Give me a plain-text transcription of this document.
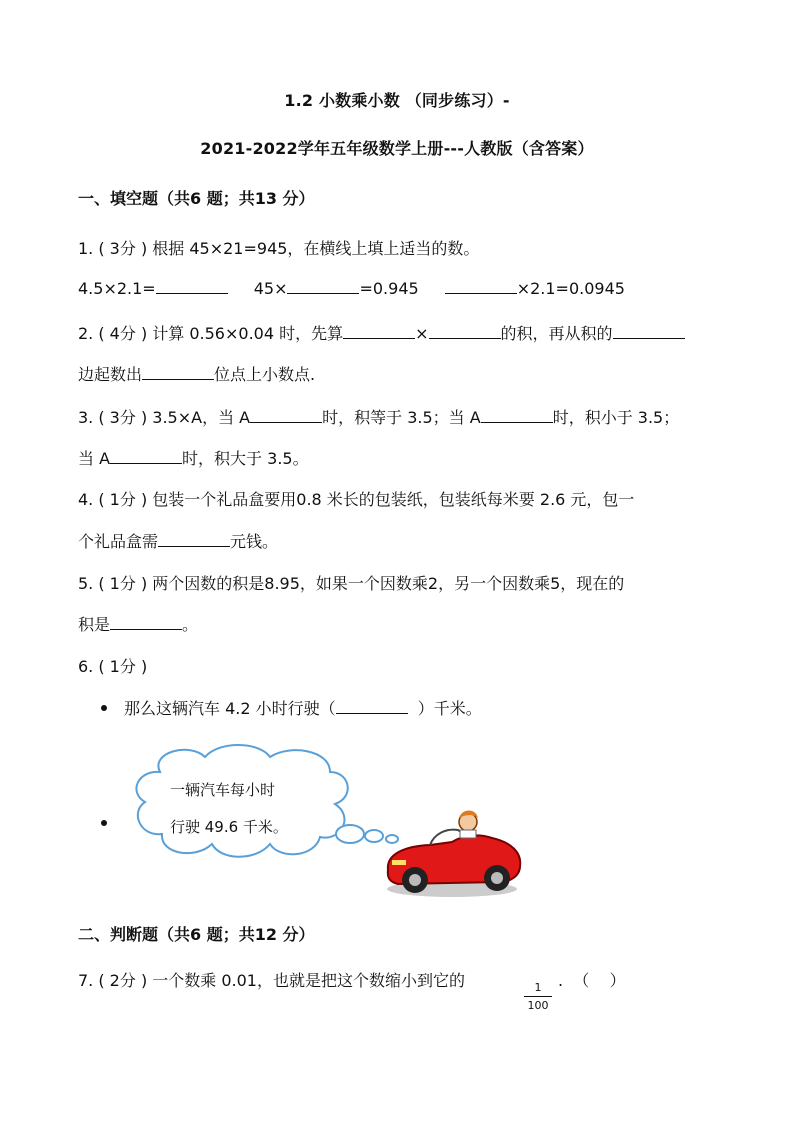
1.2 小数乘小数 （同步练习）-
2021-2022学年五年级数学上册---人教版（含答案）
一、填空题（共6 题；共13 分）
1. ( 3分 ) 根据 45×21=945，在横线上填上适当的数。
4.5×2.1=	45×	=0.945	×2.1=0.0945
2. ( 4分 ) 计算 0.56×0.04 时，先算	×	的积，再从积的
边起数出	位点上小数点.
3. ( 3分 ) 3.5×A，当 A	时，积等于 3.5；当 A	时，积小于 3.5；
当 A	时，积大于 3.5。
4. ( 1分 ) 包装一个礼品盒要用0.8 米长的包装纸，包装纸每米要 2.6 元，包一
个礼品盒需	元钱。
5. ( 1分 ) 两个因数的积是8.95，如果一个因数乘2，另一个因数乘5，现在的
积是	。
6. ( 1分 )
那么这辆汽车 4.2 小时行驶（	）千米。
一辆汽车每小时
行驶 49.6 千米。
二、判断题（共6 题；共12 分）
7. ( 2分 ) 一个数乘 0.01，也就是把这个数缩小到它的
$\frac{1}{100}$
.  （    ）
